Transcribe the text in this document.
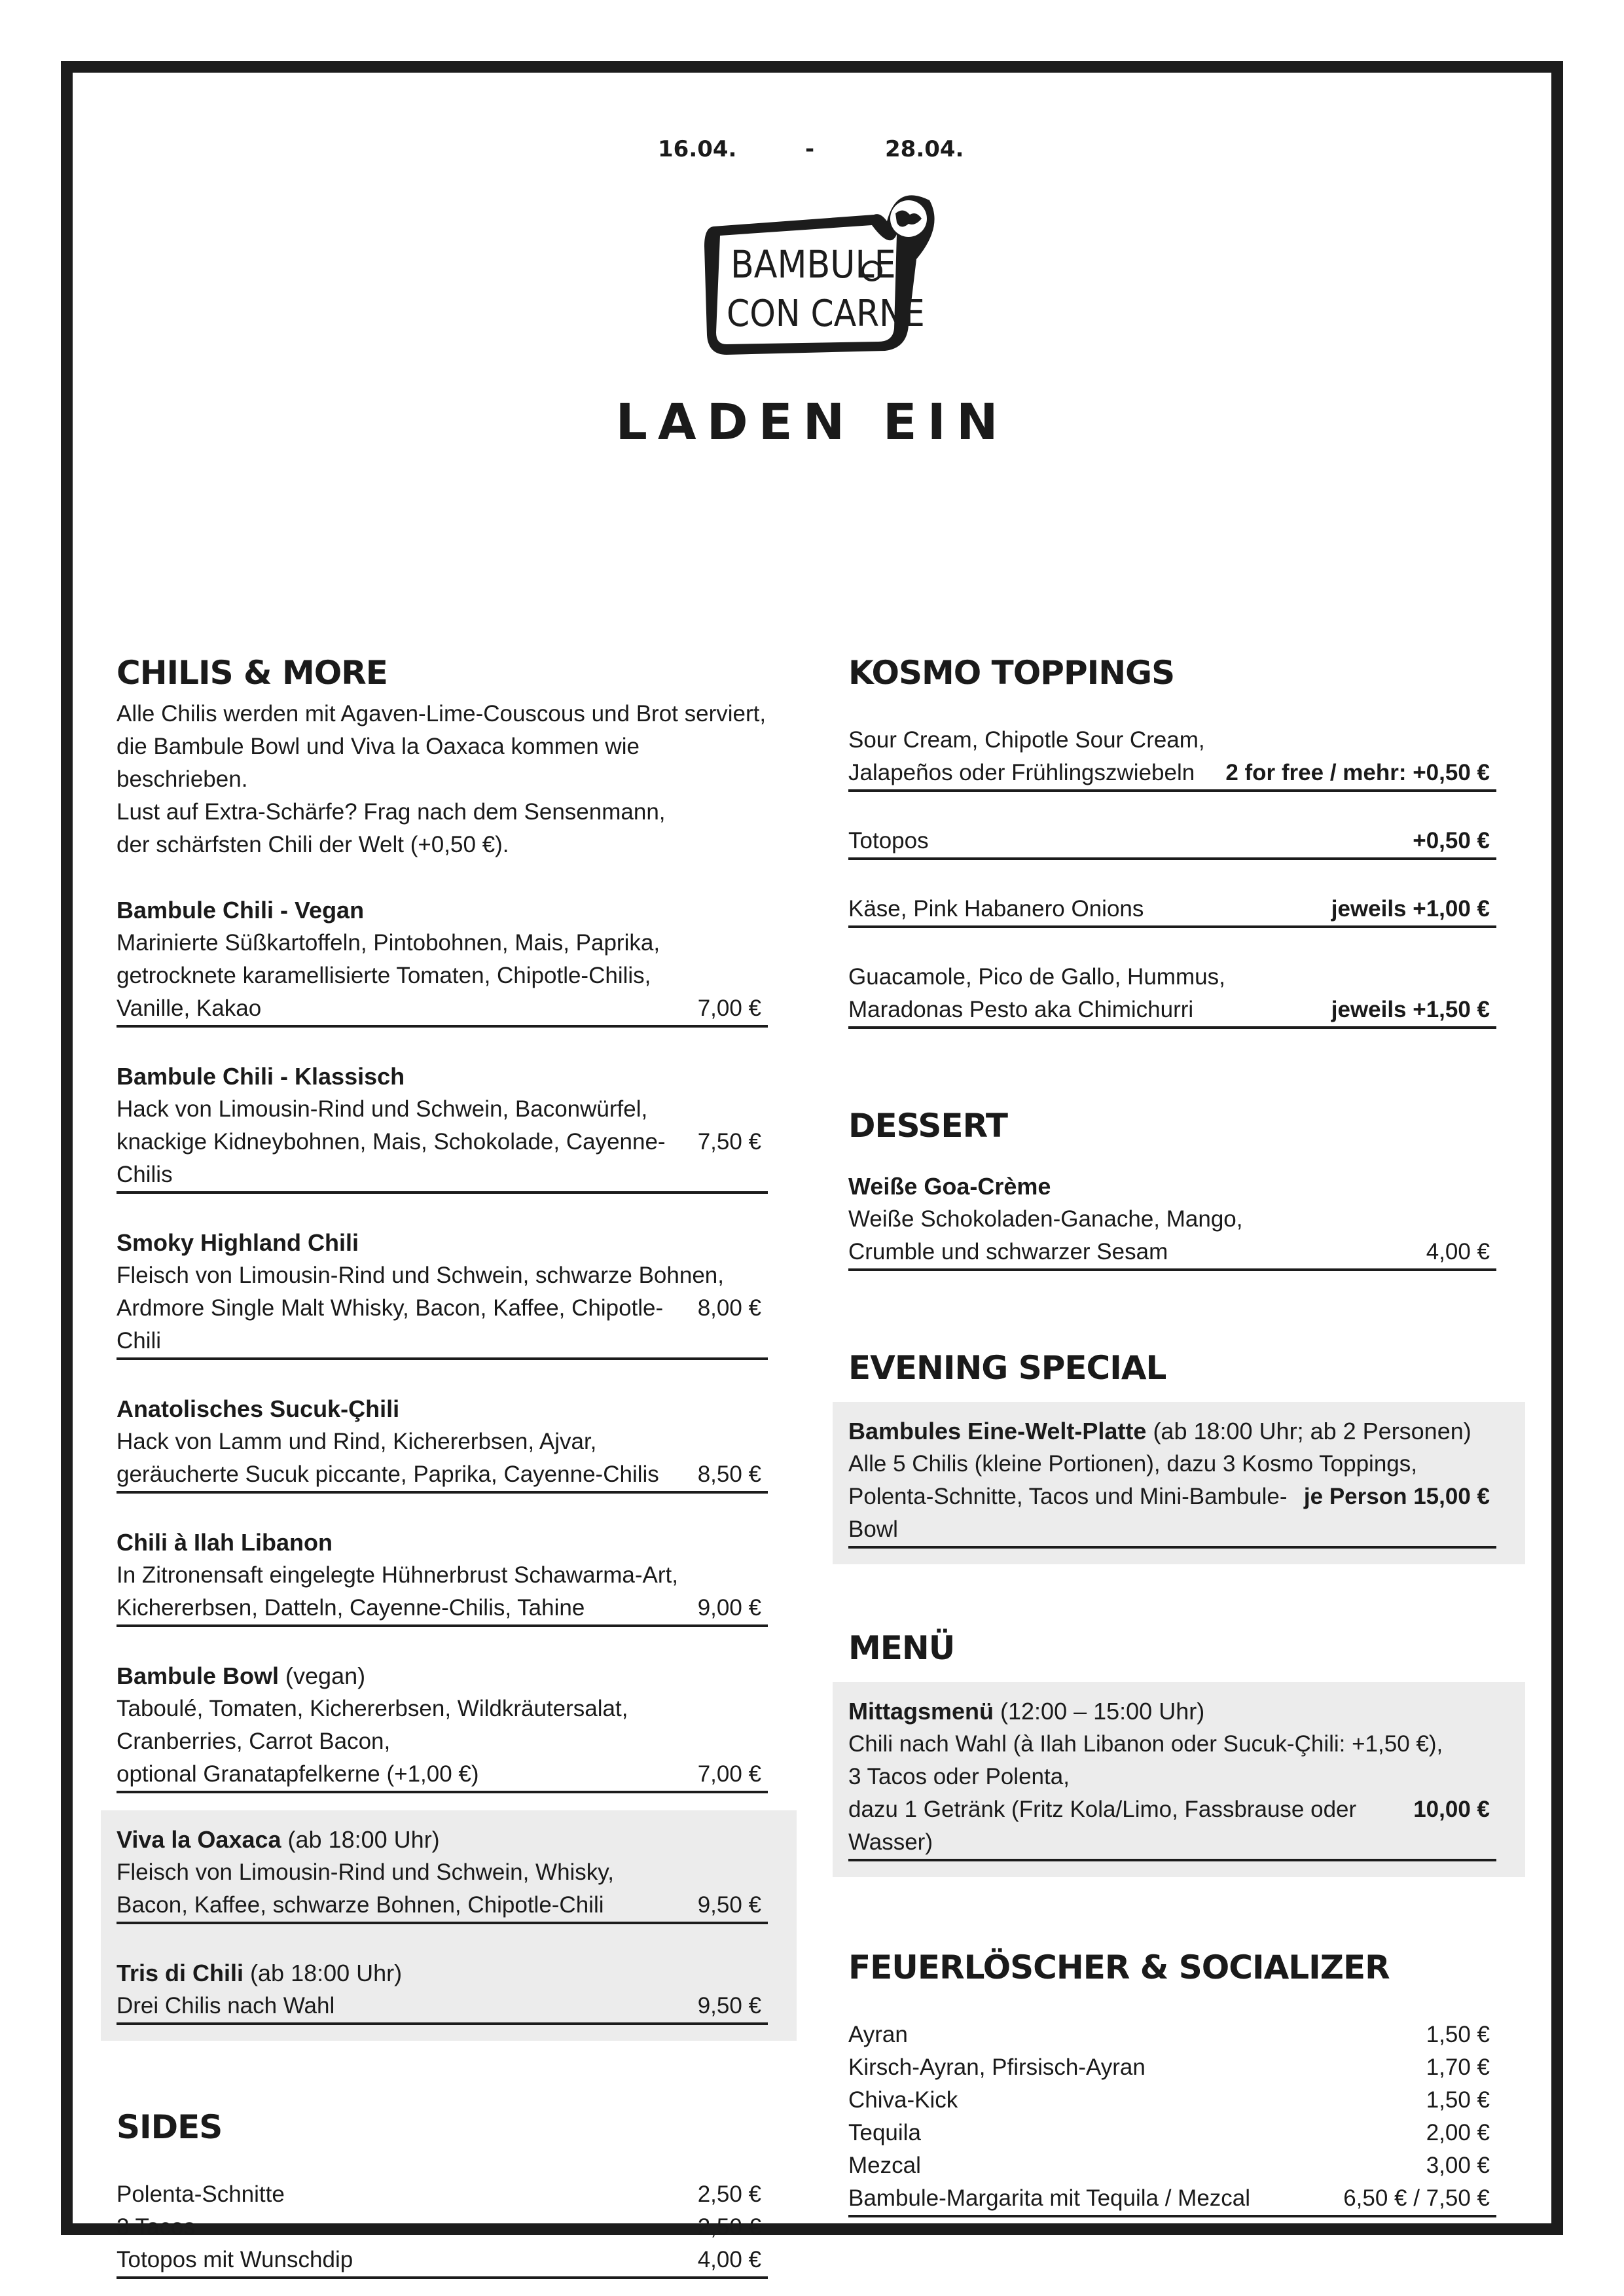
16.04.	-	28.04.
BAMBULE
CON CARNE
LADEN EIN
CHILIS & MORE
Alle Chilis werden mit Agaven-Lime-Couscous und Brot serviert,
die Bambule Bowl und Viva la Oaxaca kommen wie beschrieben.
Lust auf Extra-Schärfe? Frag nach dem Sensenmann,
der schärfsten Chili der Welt (+0,50 €).
Bambule Chili - Vegan
Marinierte Süßkartoffeln, Pintobohnen, Mais, Paprika,
getrocknete karamellisierte Tomaten, Chipotle-Chilis,
Vanille, Kakao	7,00 €
Bambule Chili - Klassisch
Hack von Limousin-Rind und Schwein, Baconwürfel,
knackige Kidneybohnen, Mais, Schokolade, Cayenne-Chilis
7,50 €
Smoky Highland Chili
Fleisch von Limousin-Rind und Schwein, schwarze Bohnen,
Ardmore Single Malt Whisky, Bacon, Kaffee, Chipotle-Chili
8,00 €
Anatolisches Sucuk-Çhili
Hack von Lamm und Rind, Kichererbsen, Ajvar,
geräucherte Sucuk piccante, Paprika, Cayenne-Chilis 8,50 €
Chili à Ilah Libanon
In Zitronensaft eingelegte Hühnerbrust Schawarma-Art,
Kichererbsen, Datteln, Cayenne-Chilis, Tahine	9,00 €
Bambule Bowl (vegan)
Taboulé, Tomaten, Kichererbsen, Wildkräutersalat,
Cranberries, Carrot Bacon,
optional Granatapfelkerne (+1,00 €)	7,00 €
Viva la Oaxaca (ab 18:00 Uhr)
Fleisch von Limousin-Rind und Schwein, Whisky,
Bacon, Kaffee, schwarze Bohnen, Chipotle-Chili	9,50 €
Tris di Chili (ab 18:00 Uhr)
Drei Chilis nach Wahl	9,50 €
SIDES
Polenta-Schnitte	2,50 €
3 Tacos	2,50 €
Totopos mit Wunschdip	4,00 €
KOSMO TOPPINGS
Sour Cream, Chipotle Sour Cream,
Jalapeños oder Frühlingszwiebeln 2 for free / mehr: +0,50 €
Totopos	+0,50 €
Käse, Pink Habanero Onions	jeweils +1,00 €
Guacamole, Pico de Gallo, Hummus,
Maradonas Pesto aka Chimichurri	jeweils +1,50 €
DESSERT
Weiße Goa-Crème
Weiße Schokoladen-Ganache, Mango,
Crumble und schwarzer Sesam	4,00 €
EVENING SPECIAL
Bambules Eine-Welt-Platte (ab 18:00 Uhr; ab 2 Personen)
Alle 5 Chilis (kleine Portionen), dazu 3 Kosmo Toppings,
Polenta-Schnitte, Tacos und Mini-Bambule-Bowl
je Person 15,00 €
MENÜ
Mittagsmenü (12:00 – 15:00 Uhr)
Chili nach Wahl (à Ilah Libanon oder Sucuk-Çhili: +1,50 €),
3 Tacos oder Polenta,
dazu 1 Getränk (Fritz Kola/Limo, Fassbrause oder Wasser)
10,00 €
FEUERLÖSCHER & SOCIALIZER
Ayran	1,50 €
Kirsch-Ayran, Pfirsisch-Ayran	1,70 €
Chiva-Kick	1,50 €
Tequila	2,00 €
Mezcal	3,00 €
Bambule-Margarita mit Tequila / Mezcal	6,50 € / 7,50 €
